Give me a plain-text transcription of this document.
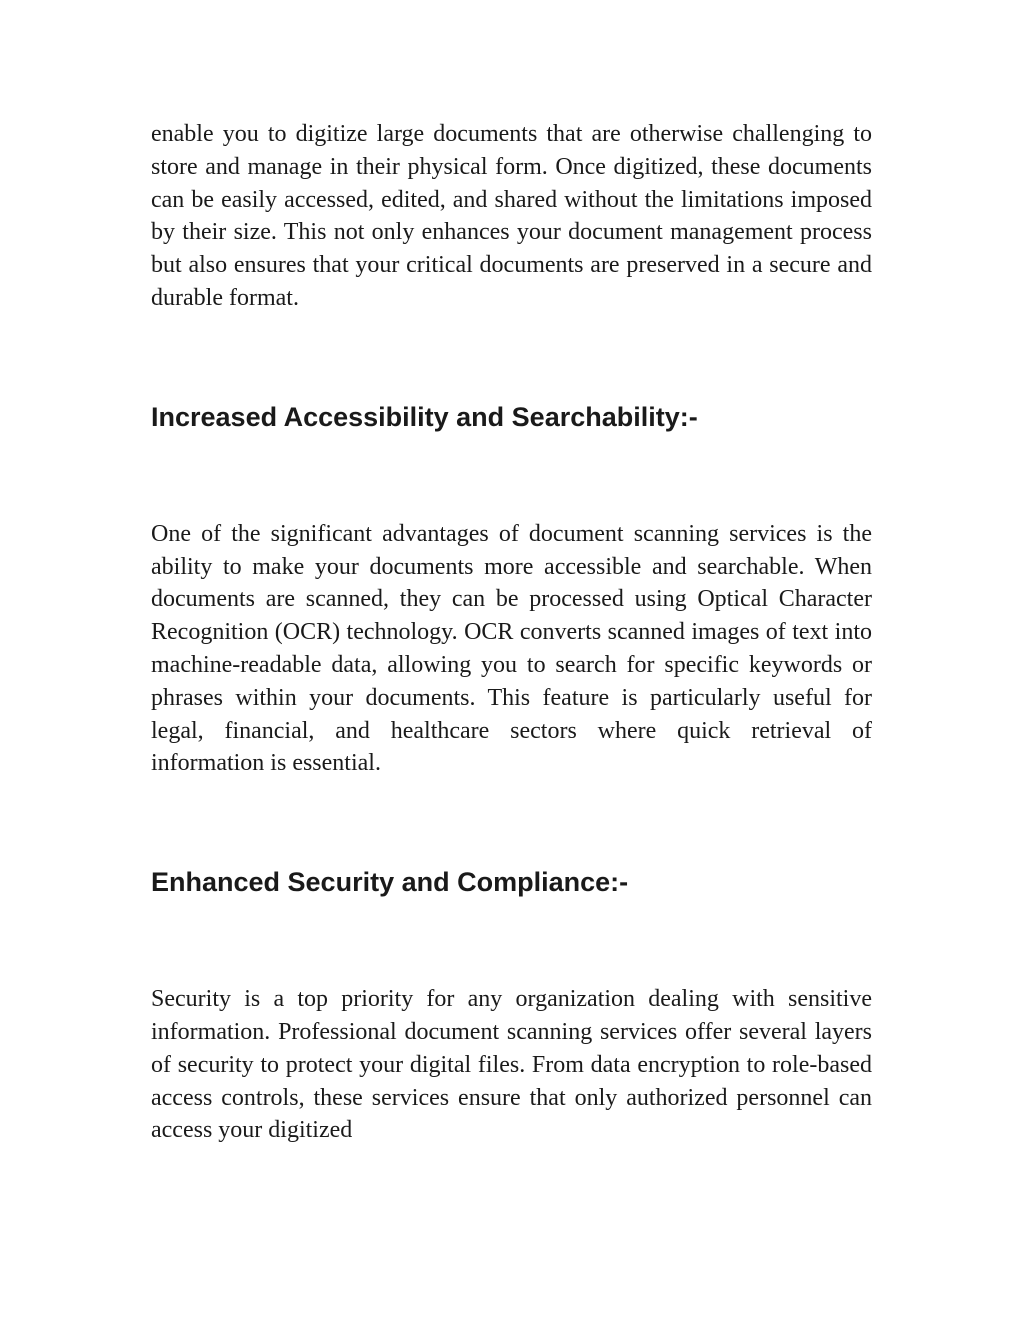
enable you to digitize large documents that are otherwise challenging to store and manage in their physical form. Once digitized, these documents can be easily accessed, edited, and shared without the limitations imposed by their size. This not only enhances your document management process but also ensures that your critical documents are preserved in a secure and durable format.

Increased Accessibility and Searchability:-

One of the significant advantages of document scanning services is the ability to make your documents more accessible and searchable. When documents are scanned, they can be processed using Optical Character Recognition (OCR) technology. OCR converts scanned images of text into machine-readable data, allowing you to search for specific keywords or phrases within your documents. This feature is particularly useful for legal, financial, and healthcare sectors where quick retrieval of information is essential.

Enhanced Security and Compliance:-

Security is a top priority for any organization dealing with sensitive information. Professional document scanning services offer several layers of security to protect your digital files. From data encryption to role-based access controls, these services ensure that only authorized personnel can access your digitized
